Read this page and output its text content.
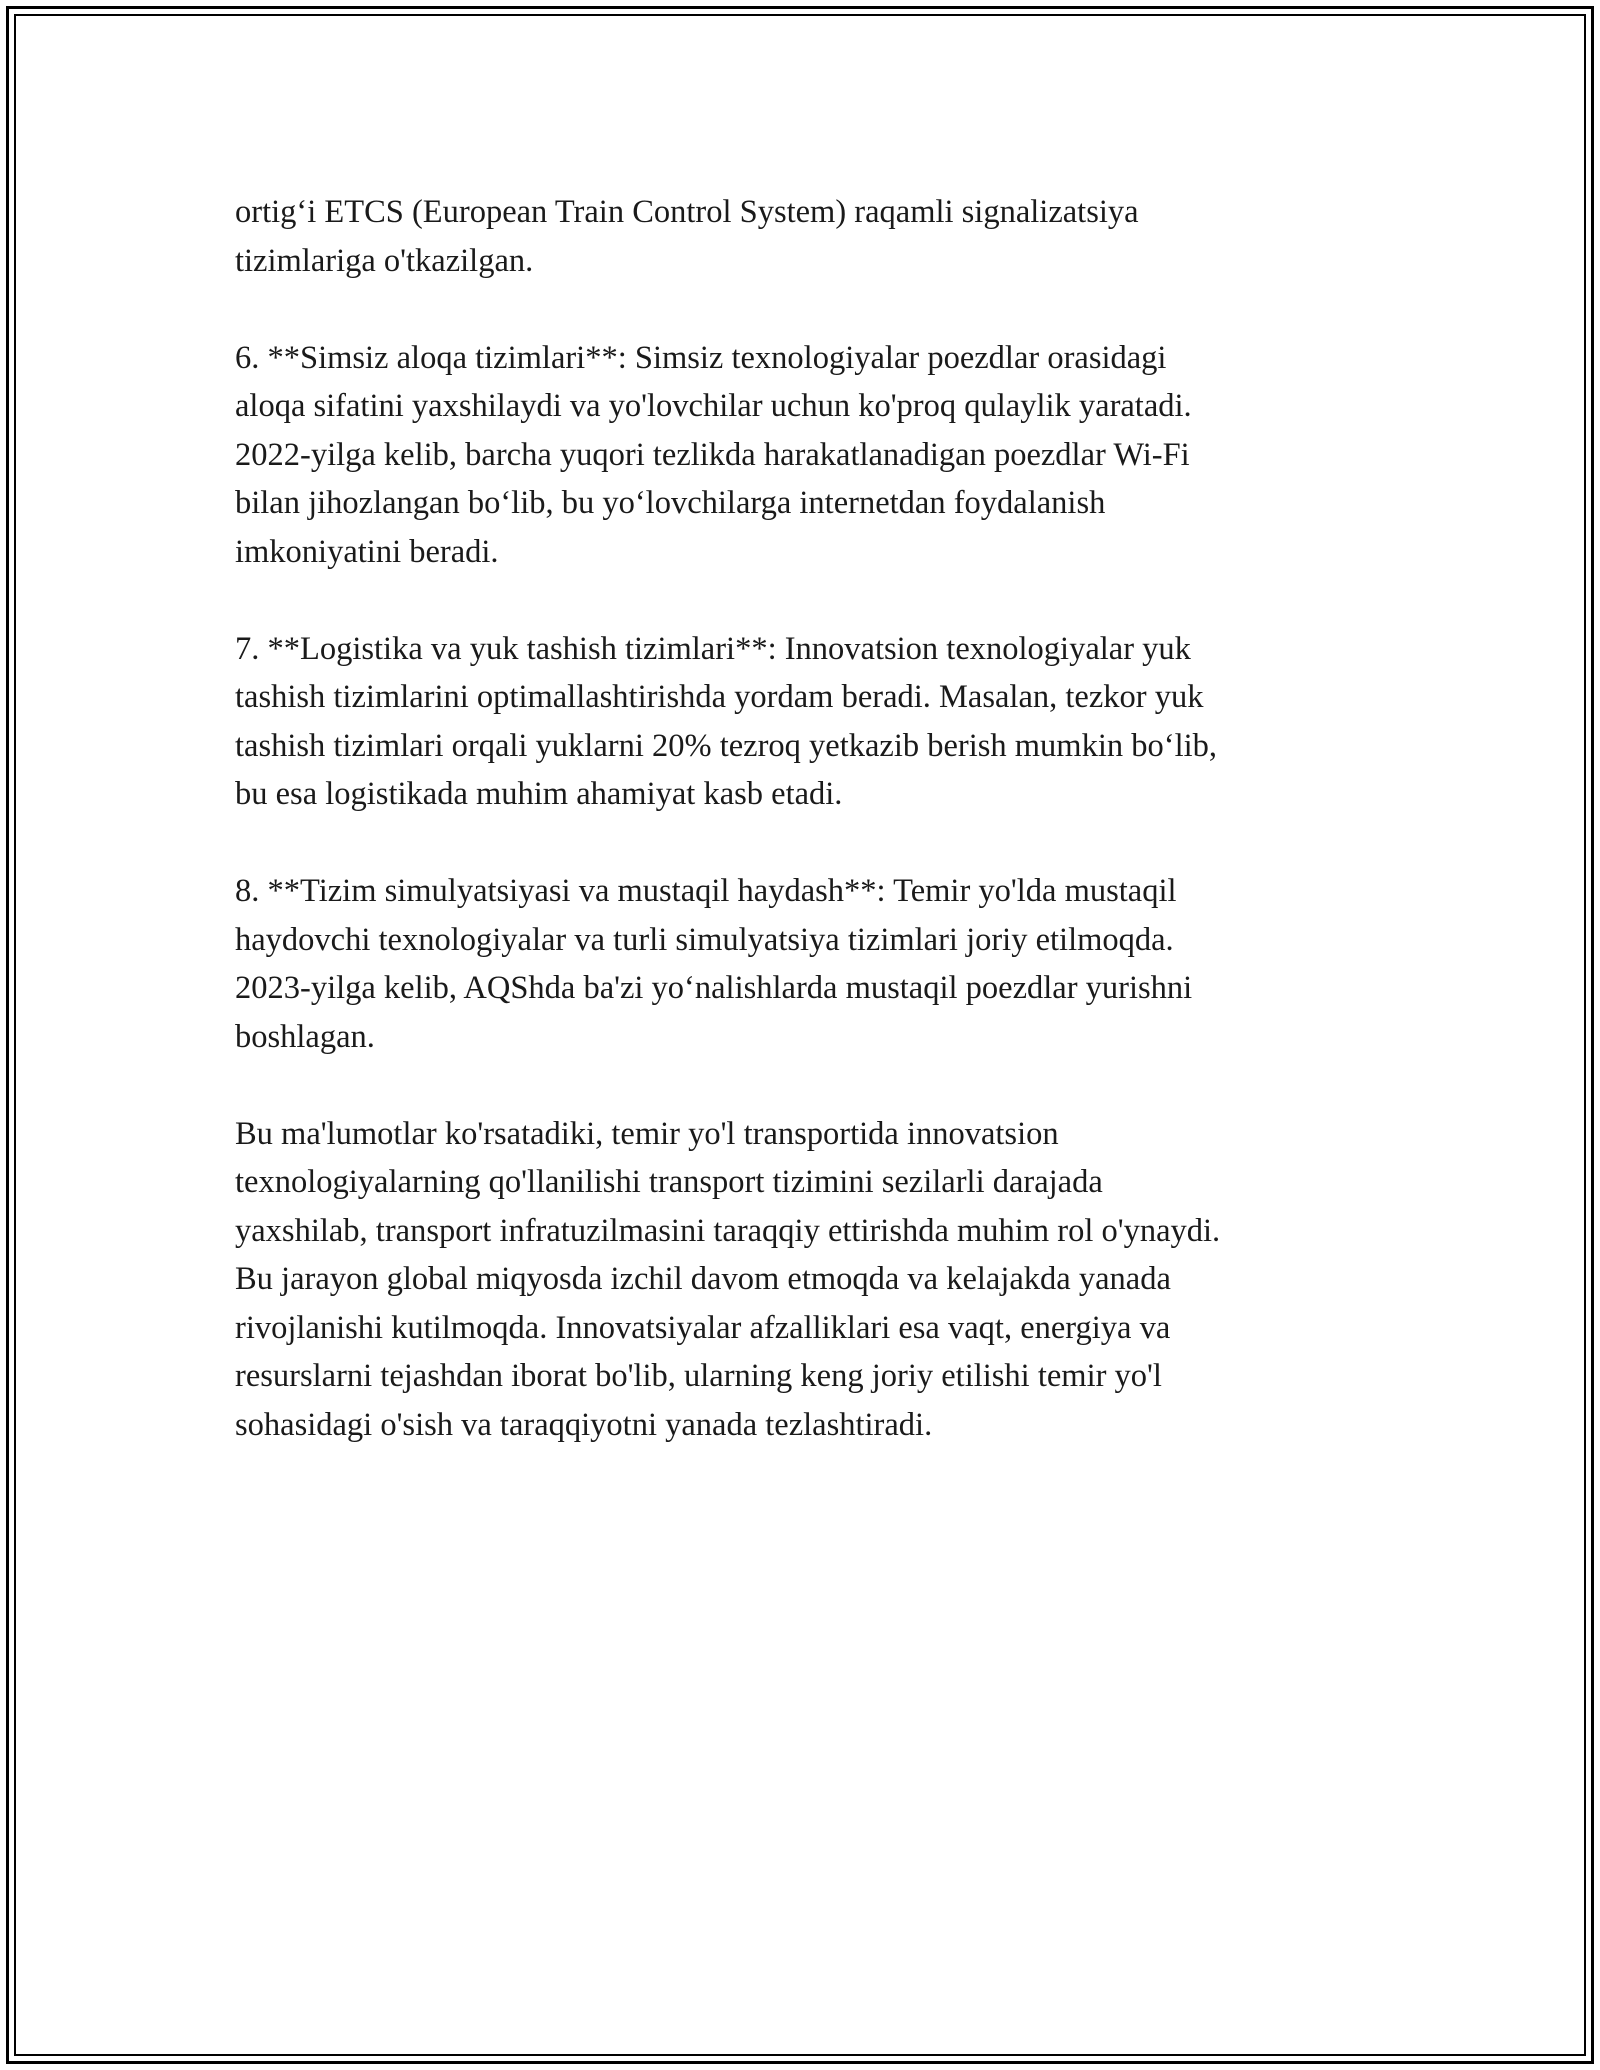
ortig‘i ETCS (European Train Control System) raqamli signalizatsiya
tizimlariga o'tkazilgan.

6. **Simsiz aloqa tizimlari**: Simsiz texnologiyalar poezdlar orasidagi
aloqa sifatini yaxshilaydi va yo'lovchilar uchun ko'proq qulaylik yaratadi.
2022-yilga kelib, barcha yuqori tezlikda harakatlanadigan poezdlar Wi-Fi
bilan jihozlangan bo‘lib, bu yo‘lovchilarga internetdan foydalanish
imkoniyatini beradi.

7. **Logistika va yuk tashish tizimlari**: Innovatsion texnologiyalar yuk
tashish tizimlarini optimallashtirishda yordam beradi. Masalan, tezkor yuk
tashish tizimlari orqali yuklarni 20% tezroq yetkazib berish mumkin bo‘lib,
bu esa logistikada muhim ahamiyat kasb etadi.

8. **Tizim simulyatsiyasi va mustaqil haydash**: Temir yo'lda mustaqil
haydovchi texnologiyalar va turli simulyatsiya tizimlari joriy etilmoqda.
2023-yilga kelib, AQShda ba'zi yo‘nalishlarda mustaqil poezdlar yurishni
boshlagan.

Bu ma'lumotlar ko'rsatadiki, temir yo'l transportida innovatsion
texnologiyalarning qo'llanilishi transport tizimini sezilarli darajada
yaxshilab, transport infratuzilmasini taraqqiy ettirishda muhim rol o'ynaydi.
Bu jarayon global miqyosda izchil davom etmoqda va kelajakda yanada
rivojlanishi kutilmoqda. Innovatsiyalar afzalliklari esa vaqt, energiya va
resurslarni tejashdan iborat bo'lib, ularning keng joriy etilishi temir yo'l
sohasidagi o'sish va taraqqiyotni yanada tezlashtiradi.
